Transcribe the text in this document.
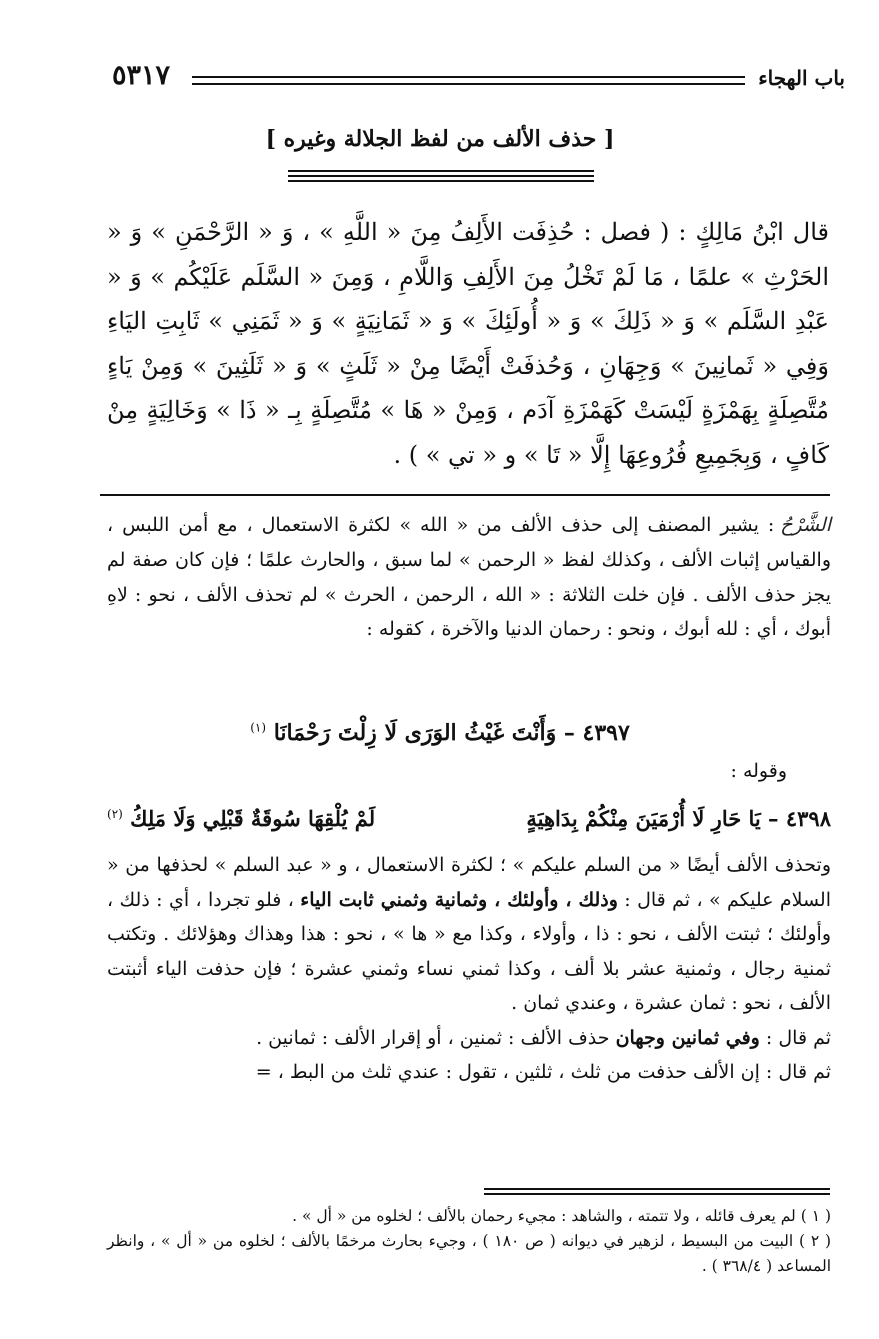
باب الهجاء
٥٣١٧
[ حذف الألف من لفظ الجلالة وغيره ]
قال ابْنُ مَالِكٍ : ( فصل : حُذِفَت الأَلِفُ مِنَ « اللَّهِ » ، وَ « الرَّحْمَنِ » وَ « الحَرْثِ » علمًا ، مَا لَمْ تَخْلُ مِنَ الأَلِفِ وَاللَّامِ ، وَمِنَ « السَّلَم عَلَيْكُم » وَ « عَبْدِ السَّلَم » وَ « ذَلِكَ » وَ « أُولَئِكَ » وَ « ثَمَانِيَةٍ » وَ « ثَمَنِي » ثَابِتِ اليَاءِ وَفِي « ثَمانِينَ » وَجِهَانِ ، وَحُذفَتْ أَيْضًا مِنْ « ثَلَثٍ » وَ « ثَلَثِينَ » وَمِنْ يَاءٍ مُتَّصِلَةٍ بِهَمْزَةٍ لَيْسَتْ كَهَمْزَةِ آدَم ، وَمِنْ « هَا » مُتَّصِلَةٍ بِـ « ذَا » وَخَالِيَةٍ مِنْ كَافٍ ، وَبِجَمِيعِ فُرُوعِهَا إِلَّا « تَا » و « تي » ) .
الشَّرْحُ: يشير المصنف إلى حذف الألف من « الله » لكثرة الاستعمال ، مع أمن اللبس ، والقياس إثبات الألف ، وكذلك لفظ « الرحمن » لما سبق ، والحارث علمًا ؛ فإن كان صفة لم يجز حذف الألف . فإن خلت الثلاثة : « الله ، الرحمن ، الحرث » لم تحذف الألف ، نحو : لاهِ أبوك ، أي : لله أبوك ، ونحو : رحمان الدنيا والآخرة ، كقوله :
٤٣٩٧ – وَأَنْتَ غَيْثُ الوَرَى لَا زِلْتَ رَحْمَانَا $^{(١)}$
وقوله :
٤٣٩٨ – يَا حَارِ لَا أُرْمَيَنَ مِنْكُمْ بِدَاهِيَةٍ
لَمْ يُلْقِهَا سُوقَةٌ قَبْلِي وَلَا مَلِكُ $^{(٢)}$
وتحذف الألف أيضًا « من السلم عليكم » ؛ لكثرة الاستعمال ، و « عبد السلم » لحذفها من « السلام عليكم » ، ثم قال : وذلك ، وأولئك ، وثمانية وثمني ثابت الياء ، فلو تجردا ، أي : ذلك ، وأولئك ؛ ثبتت الألف ، نحو : ذا ، وأولاء ، وكذا مع « ها » ، نحو : هذا وهذاك وهؤلائك . وتكتب ثمنية رجال ، وثمنية عشر بلا ألف ، وكذا ثمني نساء وثمني عشرة ؛ فإن حذفت الياء أثبتت الألف ، نحو : ثمان عشرة ، وعندي ثمان .
ثم قال : وفي ثمانين وجهان حذف الألف : ثمنين ، أو إقرار الألف : ثمانين .
ثم قال : إن الألف حذفت من ثلث ، ثلثين ، تقول : عندي ثلث من البط ، =
( ١ ) لم يعرف قائله ، ولا تتمته ، والشاهد : مجيء رحمان بالألف ؛ لخلوه من « أل » .
( ٢ ) البيت من البسيط ، لزهير في ديوانه ( ص ١٨٠ ) ، وجيء بحارث مرخمًا بالألف ؛ لخلوه من « أل » ، وانظر المساعد ( ٣٦٨/٤ ) .
